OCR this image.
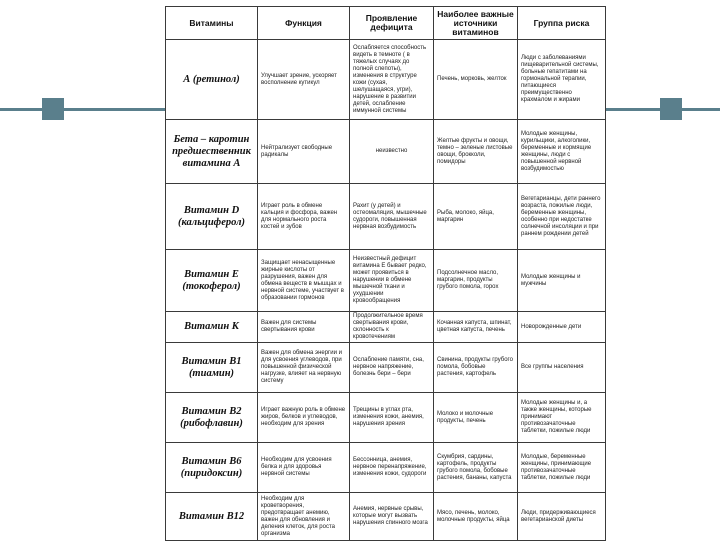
Витамины	Функция	Проявление дефицита	Наиболее важные источники витаминов	Группа риска
А (ретинол)	Улучшает зрение, ускоряет восполнение кутикул	Ослабляется способность видеть в темноте ( в тяжелых случаях до полной слепоты), изменения в структуре кожи (сухая, шелушащаяся, угри), нарушение в развитии детей, ослабление иммунной системы	Печень, морковь, желток	Люди с заболеваниями пищеварительной системы, больные гепатитами на гормональной терапии, питающиеся преимущественно крахмалом и жирами
Бета – каротин предшественник витамина А	Нейтрализует свободные радикалы	неизвестно	Желтые фрукты и овощи, темно – зеленые листовые овощи, брокколи, помидоры	Молодые женщины, курильщики, алкоголики, беременные и кормящие женщины, люди с повышенной нервной возбудимостью
Витамин D (кальциферол)	Играет роль в обмене кальция и фосфора, важен для нормального роста костей и зубов	Рахит (у детей) и остеомаляция, мышечные судороги, повышенная нервная возбудимость	Рыба, молоко, яйца, маргарин	Вегетарианцы, дети раннего возраста, пожилые люди, беременные женщины, особенно при недостатке солнечной инсоляции и при раннем рождении детей
Витамин Е (токоферол)	Защищает ненасыщенные жирные кислоты от разрушения, важен для обмена веществ в мышцах и нервной системе, участвует в образовании гормонов	Неизвестный дефицит витамина Е бывает редко, может проявиться в нарушении в обмене мышечной ткани и ухудшении кровообращения	Подсолнечное масло, маргарин, продукты грубого помола, горох	Молодые женщины и мужчины
Витамин К	Важен для системы свертывания крови	Продолжительное время свертывания крови, склонность к кровотечениям	Кочанная капуста, шпинат, цветная капуста, печень	Новорожденные дети
Витамин B1 (тиамин)	Важен для обмена энергии и для усвоения углеводов, при повышенной физической нагрузке, влияет на нервную систему	Ослабление памяти, сна, нервное напряжение, болезнь бери – бери	Свинина, продукты грубого помола, бобовые растения, картофель	Все группы населения
Витамин B2 (рибофлавин)	Играет важную роль в обмене жиров, белков и углеводов, необходим для зрения	Трещины в углах рта, изменения кожи, анемия, нарушения зрения	Молоко и молочные продукты, печень	Молодые женщины и, а также женщины, которые принимают противозачаточные таблетки, пожилые люди
Витамин B6 (пиридоксин)	Необходим для усвоения белка и для здоровья нервной системы	Бессонница, анемия, нервное перенапряжение, изменения кожи, судороги	Скумбрия, сардины, картофель, продукты грубого помола, бобовые растения, бананы, капуста	Молодые, беременные женщины, принимающие противозачаточные таблетки, пожилые люди
Витамин B12	Необходим для кроветворения, предотвращает анемию, важен для обновления и деления клеток, для роста организма	Анемия, нервные срывы, которые могут вызвать нарушения спинного мозга	Мясо, печень, молоко, молочные продукты, яйца	Люди, придерживающиеся вегетарианской диеты
